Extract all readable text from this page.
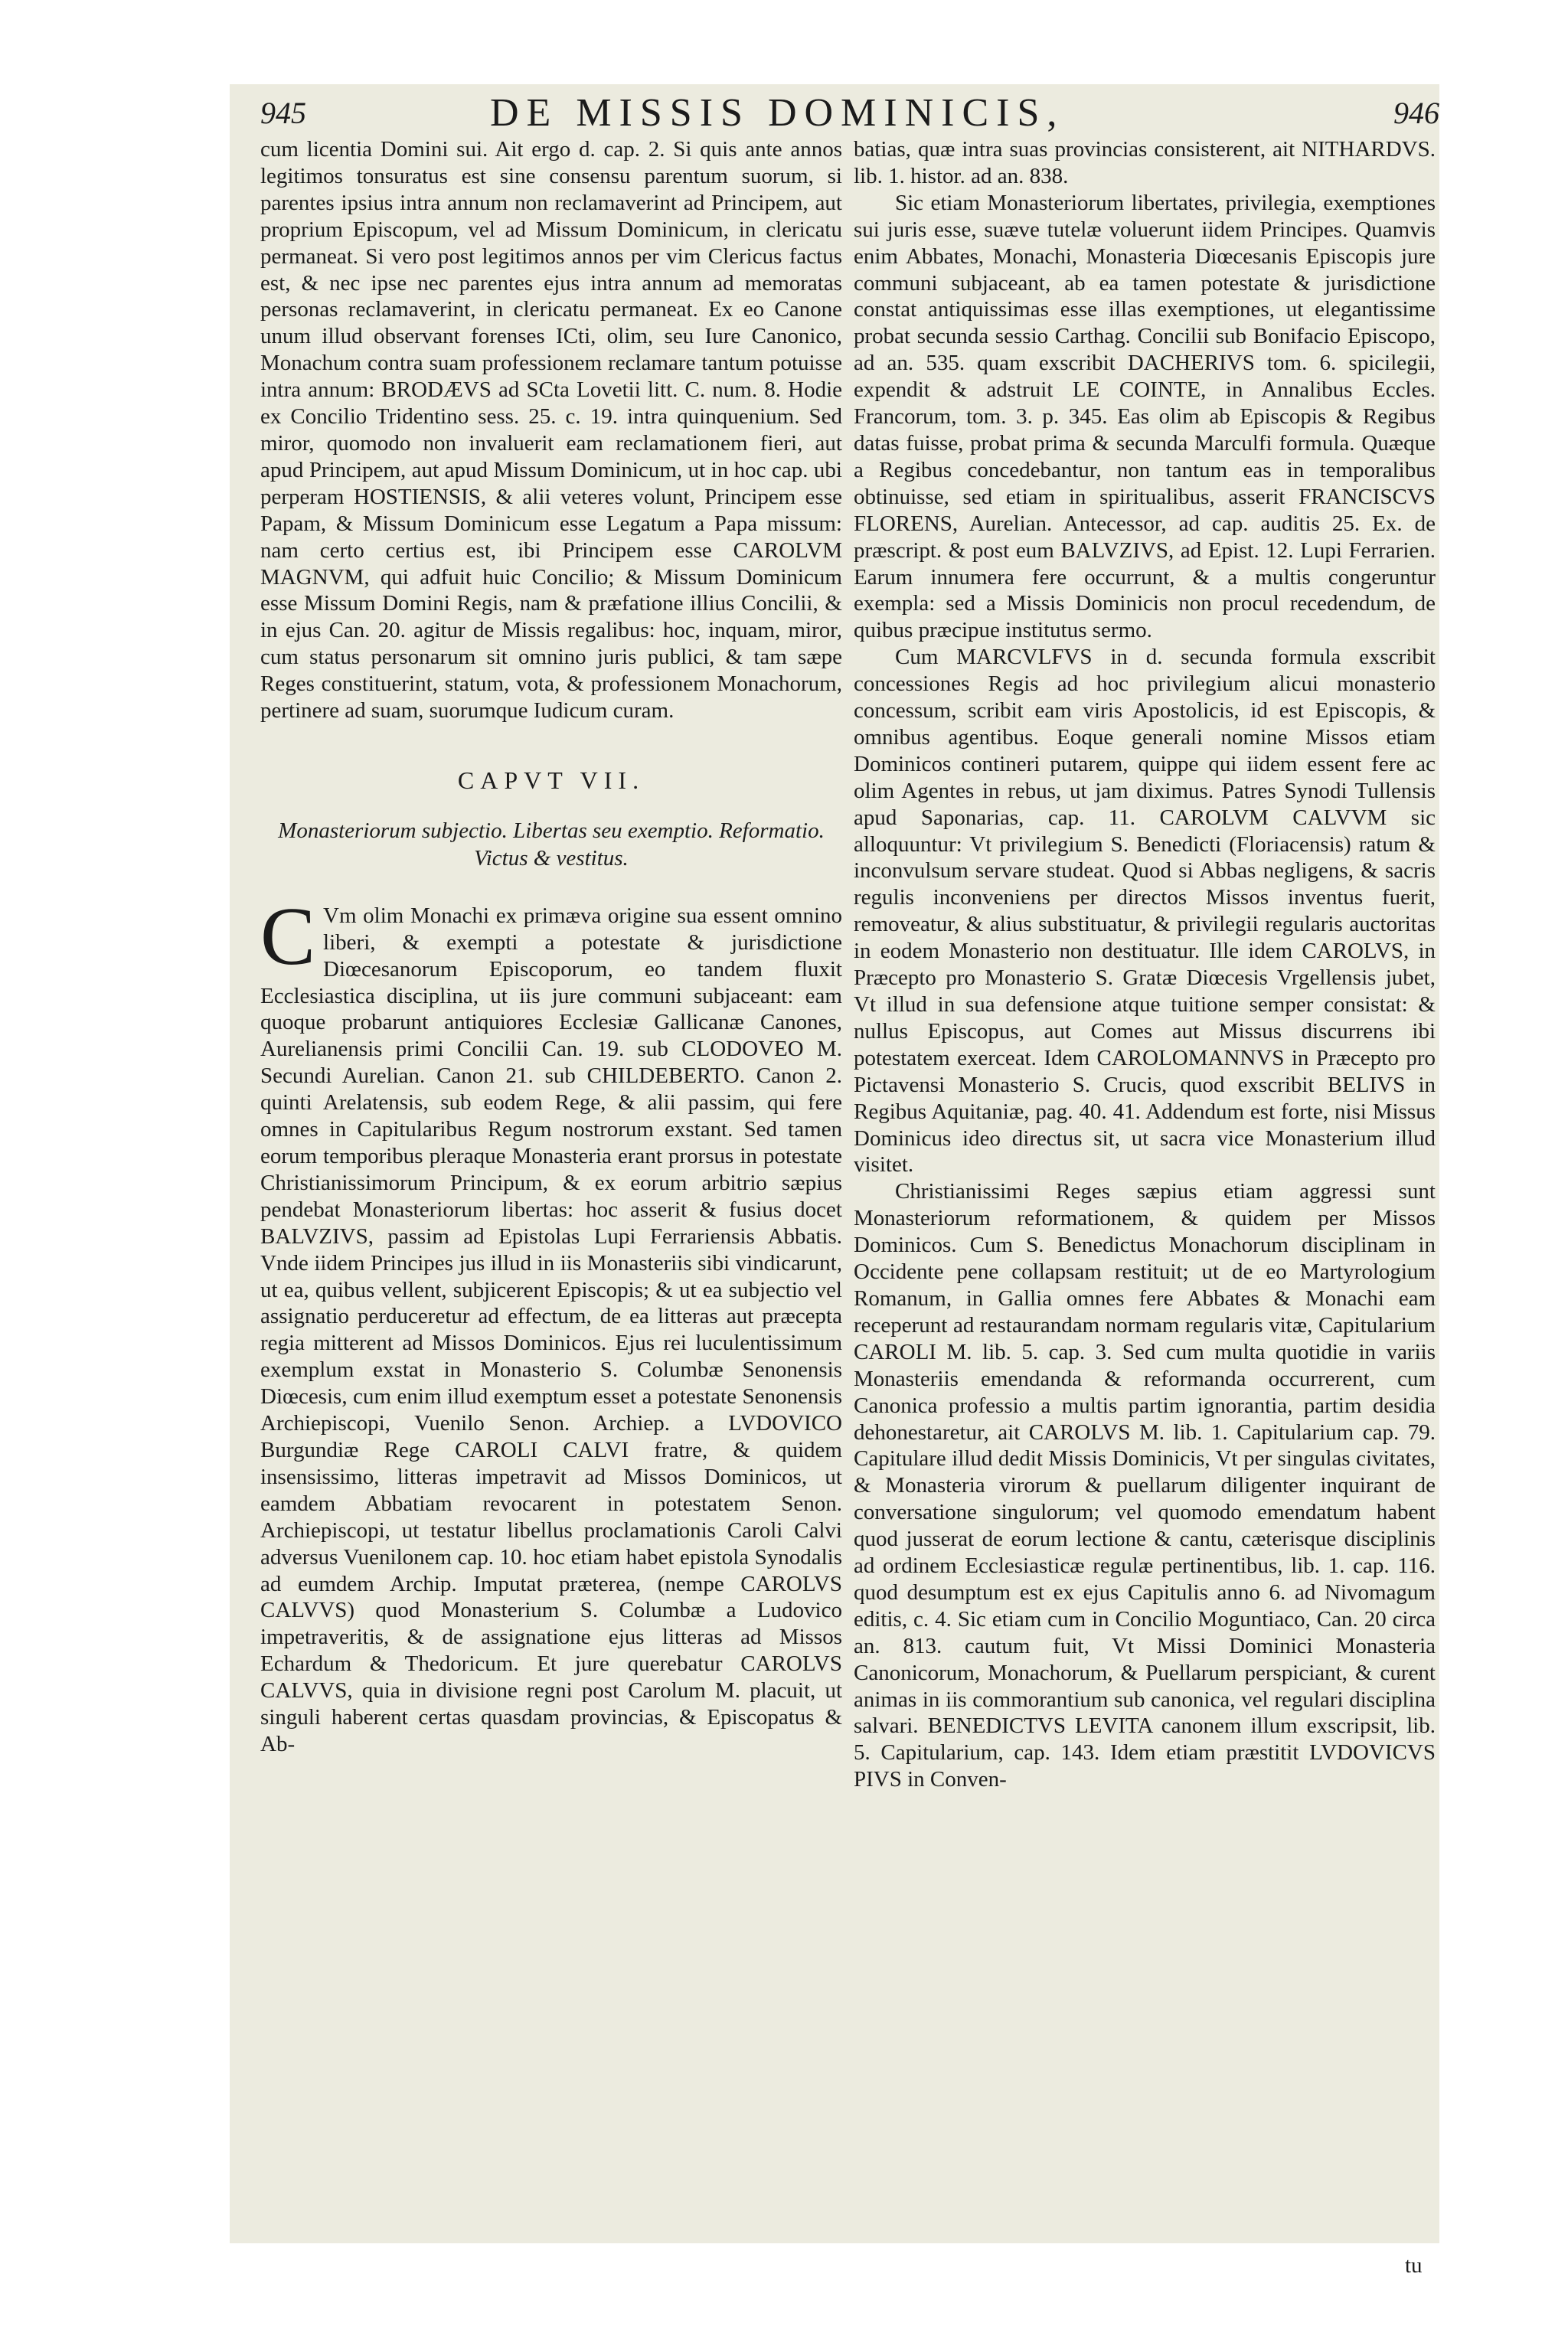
945	DE MISSIS DOMINICIS,	946

cum licentia Domini sui. Ait ergo d. cap. 2. Si quis ante annos legitimos tonsuratus est sine consensu parentum suorum, si parentes ipsius intra annum non reclamaverint ad Principem, aut proprium Episcopum, vel ad Missum Dominicum, in clericatu permaneat. Si vero post legitimos annos per vim Clericus factus est, & nec ipse nec parentes ejus intra annum ad memoratas personas reclamaverint, in clericatu permaneat. Ex eo Canone unum illud observant forenses ICti, olim, seu Iure Canonico, Monachum contra suam professionem reclamare tantum potuisse intra annum: BRODÆVS ad SCta Lovetii litt. C. num. 8. Hodie ex Concilio Tridentino sess. 25. c. 19. intra quinquenium. Sed miror, quomodo non invaluerit eam reclamationem fieri, aut apud Principem, aut apud Missum Dominicum, ut in hoc cap. ubi perperam HOSTIENSIS, & alii veteres volunt, Principem esse Papam, & Missum Dominicum esse Legatum a Papa missum: nam certo certius est, ibi Principem esse CAROLVM MAGNVM, qui adfuit huic Concilio; & Missum Dominicum esse Missum Domini Regis, nam & præfatione illius Concilii, & in ejus Can. 20. agitur de Missis regalibus: hoc, inquam, miror, cum status personarum sit omnino juris publici, & tam sæpe Reges constituerint, statum, vota, & professionem Monachorum, pertinere ad suam, suorumque Iudicum curam.

CAPVT VII.
Monasteriorum subjectio. Libertas seu exemptio. Reformatio. Victus & vestitus.

C Vm olim Monachi ex primæva origine sua essent omnino liberi, & exempti a potestate & jurisdictione Diœcesanorum Episcoporum, eo tandem fluxit Ecclesiastica disciplina, ut iis jure communi subjaceant: eam quoque probarunt antiquiores Ecclesiæ Gallicanæ Canones, Aurelianensis primi Concilii Can. 19. sub CLODOVEO M. Secundi Aurelian. Canon 21. sub CHILDEBERTO. Canon 2. quinti Arelatensis, sub eodem Rege, & alii passim, qui fere omnes in Capitularibus Regum nostrorum exstant. Sed tamen eorum temporibus pleraque Monasteria erant prorsus in potestate Christianissimorum Principum, & ex eorum arbitrio sæpius pendebat Monasteriorum libertas: hoc asserit & fusius docet BALVZIVS, passim ad Epistolas Lupi Ferrariensis Abbatis. Vnde iidem Principes jus illud in iis Monasteriis sibi vindicarunt, ut ea, quibus vellent, subjicerent Episcopis; & ut ea subjectio vel assignatio perduceretur ad effectum, de ea litteras aut præcepta regia mitterent ad Missos Dominicos. Ejus rei luculentissimum exemplum exstat in Monasterio S. Columbæ Senonensis Diœcesis, cum enim illud exemptum esset a potestate Senonensis Archiepiscopi, Vuenilo Senon. Archiep. a LVDOVICO Burgundiæ Rege CAROLI CALVI fratre, & quidem insensissimo, litteras impetravit ad Missos Dominicos, ut eamdem Abbatiam revocarent in potestatem Senon. Archiepiscopi, ut testatur libellus proclamationis Caroli Calvi adversus Vuenilonem cap. 10. hoc etiam habet epistola Synodalis ad eumdem Archip. Imputat præterea, (nempe CAROLVS CALVVS) quod Monasterium S. Columbæ a Ludovico impetraveritis, & de assignatione ejus litteras ad Missos Echardum & Thedoricum. Et jure querebatur CAROLVS CALVVS, quia in divisione regni post Carolum M. placuit, ut singuli haberent certas quasdam provincias, & Episcopatus & Ab-

batias, quæ intra suas provincias consisterent, ait NITHARDVS. lib. 1. histor. ad an. 838.

Sic etiam Monasteriorum libertates, privilegia, exemptiones sui juris esse, suæve tutelæ voluerunt iidem Principes. Quamvis enim Abbates, Monachi, Monasteria Diœcesanis Episcopis jure communi subjaceant, ab ea tamen potestate & jurisdictione constat antiquissimas esse illas exemptiones, ut elegantissime probat secunda sessio Carthag. Concilii sub Bonifacio Episcopo, ad an. 535. quam exscribit DACHERIVS tom. 6. spicilegii, expendit & adstruit LE COINTE, in Annalibus Eccles. Francorum, tom. 3. p. 345. Eas olim ab Episcopis & Regibus datas fuisse, probat prima & secunda Marculfi formula. Quæque a Regibus concedebantur, non tantum eas in temporalibus obtinuisse, sed etiam in spiritualibus, asserit FRANCISCVS FLORENS, Aurelian. Antecessor, ad cap. auditis 25. Ex. de præscript. & post eum BALVZIVS, ad Epist. 12. Lupi Ferrarien. Earum innumera fere occurrunt, & a multis congeruntur exempla: sed a Missis Dominicis non procul recedendum, de quibus præcipue institutus sermo.

Cum MARCVLFVS in d. secunda formula exscribit concessiones Regis ad hoc privilegium alicui monasterio concessum, scribit eam viris Apostolicis, id est Episcopis, & omnibus agentibus. Eoque generali nomine Missos etiam Dominicos contineri putarem, quippe qui iidem essent fere ac olim Agentes in rebus, ut jam diximus. Patres Synodi Tullensis apud Saponarias, cap. 11. CAROLVM CALVVM sic alloquuntur: Vt privilegium S. Benedicti (Floriacensis) ratum & inconvulsum servare studeat. Quod si Abbas negligens, & sacris regulis inconveniens per directos Missos inventus fuerit, removeatur, & alius substituatur, & privilegii regularis auctoritas in eodem Monasterio non destituatur. Ille idem CAROLVS, in Præcepto pro Monasterio S. Gratæ Diœcesis Vrgellensis jubet, Vt illud in sua defensione atque tuitione semper consistat: & nullus Episcopus, aut Comes aut Missus discurrens ibi potestatem exerceat. Idem CAROLOMANNVS in Præcepto pro Pictavensi Monasterio S. Crucis, quod exscribit BELIVS in Regibus Aquitaniæ, pag. 40. 41. Addendum est forte, nisi Missus Dominicus ideo directus sit, ut sacra vice Monasterium illud visitet.

Christianissimi Reges sæpius etiam aggressi sunt Monasteriorum reformationem, & quidem per Missos Dominicos. Cum S. Benedictus Monachorum disciplinam in Occidente pene collapsam restituit; ut de eo Martyrologium Romanum, in Gallia omnes fere Abbates & Monachi eam receperunt ad restaurandam normam regularis vitæ, Capitularium CAROLI M. lib. 5. cap. 3. Sed cum multa quotidie in variis Monasteriis emendanda & reformanda occurrerent, cum Canonica professio a multis partim ignorantia, partim desidia dehonestaretur, ait CAROLVS M. lib. 1. Capitularium cap. 79. Capitulare illud dedit Missis Dominicis, Vt per singulas civitates, & Monasteria virorum & puellarum diligenter inquirant de conversatione singulorum; vel quomodo emendatum habent quod jusserat de eorum lectione & cantu, cæterisque disciplinis ad ordinem Ecclesiasticæ regulæ pertinentibus, lib. 1. cap. 116. quod desumptum est ex ejus Capitulis anno 6. ad Nivomagum editis, c. 4. Sic etiam cum in Concilio Moguntiaco, Can. 20 circa an. 813. cautum fuit, Vt Missi Dominici Monasteria Canonicorum, Monachorum, & Puellarum perspiciant, & curent animas in iis commorantium sub canonica, vel regulari disciplina salvari. BENEDICTVS LEVITA canonem illum exscripsit, lib. 5. Capitularium, cap. 143. Idem etiam præstitit LVDOVICVS PIVS in Conven-

tu
